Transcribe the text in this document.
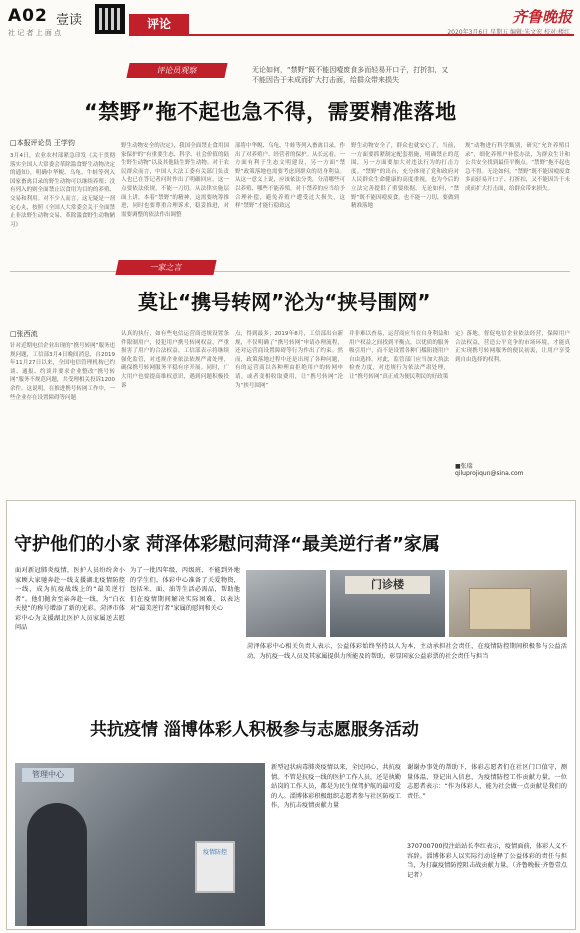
A02 壹读
社 记 者 上 面 点
评论	齐鲁晚报
2020年3月6日 星期五 编辑:朱文宏 校对:楼红
评论员观察	无论如何，“禁野”既不能因噎废食多而轻易开口子，打折扣，又不能因告于未成而扩大打击面，给群众带来损失
“禁野”拖不起也急不得，需要精准落地
□本报评论员 王学钧
3月4日，农业农村部紧急印发《关于贯彻落实全国人大常委会革除滥食野生动物决定的通知》，明确中华鲵、乌龟、牛蛙等列入国家畜禽目录的野生动物可以继续养殖；没有列入的则全面禁止以食用为目的的养殖、交易和利用。对不少人而言，这无疑是一剂定心丸，按照《全国人大常委会关于全面禁止非法野生动物交易、革除滥食野生动物陋习》
野生动物安全的决定》，我国全面禁止食用国家保护的“有重要生态、科学、社会价值的陆生野生动物”以及其他陆生野生动物。对于农民群众而言，中国人大法工委有关部门负责人也已在答记者问时作出了明确回应，这一点要依法依规，不能一刀切。从法律实施层面上讲，本着“禁野”的精神，这需要统筹推进，同时也要尊重合理诉求，稳妥推进，对需要调整的依法作出调整
部将中华鲵、乌龟、牛蛙等列入畜禽目录，作出了对养殖户、经营者的保护。从长远看，一方面有利于生态文明建设，另一方面“禁野”政策落地也需要考虑到群众的切身利益。从这一意义上说，应该依法分类，分清哪些可以养殖、哪些不能养殖，对于禁养的应当给予合理补偿，避免养殖户遭受过大损失，这样“禁野”才能行稳致远
野生动物安全了，群众也就安心了，当前，一方面要抓紧制定配套措施，明确禁止的范围，另一方面要加大对违法行为的打击力度。“禁野”的出台，充分体现了党和政府对人民群众生命健康的高度重视，也为今后的立法完善提供了重要依据。无论如何，“禁野”既不能因噎废食，也不能一刀切，要做到精准落地
规”动物进行科学甄别，研究“允许养殖目录”，细化养殖户补偿办法，为群众生计和公共安全找到最佳平衡点。“禁野”拖不起也急不得。无论如何，“禁野”既不能因噎废食多而轻易开口子、打折扣，又不能因告于未成而扩大打击面，给群众带来损失。
一家之言
莫让“携号转网”沦为“挟号围网”
□张西流
针对近期电信企业出现的“携号转网”服务违规问题，工信部3月4日晚间消息，自2019年11月27日以来，全国电信管理机构已约谈、通报、约谈并要求企业整改“携号转网”服务不规范问题，共受理相关投诉1200余件。这说明，在推进携号转网工作中，一些企业存在设置障碍等问题
认真的执行，如有些电信运营商违规设置条件限制用户，侵犯用户携号转网权益，严重损害了用户的合法权益。工信部表示将继续强化监管，对违规企业依法依规严肃处理，确保携号转网服务平稳有序开展。同时，广大用户也要提高维权意识，遇到问题积极投诉
点，得到最多；2019年8月，工信部出台新规，不仅明确了“携号转网”申请办理流程，还对运营商设置障碍等行为作出了约束。然而，政策落地过程中还是出现了各种问题，有的运营商以各种理由拒绝用户的转网申请，或者变相收取费用，让“携号转网”沦为“挟号围网”
并非难以查易，运营商应当在自身利益和用户权益之间找到平衡点，以优质的服务吸引用户，而不是设置各种门槛阻挠用户自由选择。对此，监管部门应当加大执法检查力度，对违规行为依法严肃处理，让“携号转网”真正成为便民利民的好政策
定》落地，督促电信企业依法经营，保障用户合法权益，营造公平竞争的市场环境，才能真正实现携号转网服务的便民初衷，让用户享受到自由选择的权利。
■张瑞
qiluprojiqun@sina.com
守护他们的小家 菏泽体彩慰问菏泽“最美逆行者”家属
面对新冠肺炎疫情，医护人员纷纷舍小家顾大家驰奔赴一线支援湖北疫情防控一线，成为抗疫战线上的“最美逆行者”。他们抛舍至亲奔赴一线，为“白衣天使”的称号增添了新的光彩。菏泽市体彩中心为支援湖北医护人员家属送去慰问品
为了一批四年级、丙级班、不能到外地的学生们，体彩中心准备了关爱物资，包括米、面、油等生活必需品，帮助他们在疫情期间解决实际困难，以表达对“最美逆行者”家属的慰问和关心
菏泽体彩中心相关负责人表示，公益体彩始终坚持以人为本，主动承担社会责任，在疫情防控期间积极参与公益活动，为抗疫一线人员及其家属提供力所能及的帮助，彰显国家公益彩票的社会责任与担当
门诊楼
共抗疫情 淄博体彩人积极参与志愿服务活动
管理中心
疫情防控
新型冠状病毒肺炎疫情以来，全民同心，共抗疫情。不管是抗疫一线的医护工作人员，还是执勤站岗的工作人员，都是为民生保驾护航的最可爱的人。淄博体彩积极组织志愿者参与社区防疫工作，为抗击疫情贡献力量
谢谢办事处的帮助下，体彩志愿者们在社区门口值守，测量体温、登记出入信息，为疫情防控工作贡献力量。一位志愿者表示：“作为体彩人，能为社会做一点贡献是我们的责任。”
370700700投注站站长李红表示，疫情面前，体彩人义不容辞。淄博体彩人以实际行动诠释了公益体彩的责任与担当，为打赢疫情防控阻击战贡献力量。（齐鲁晚报·齐鲁壹点记者）
